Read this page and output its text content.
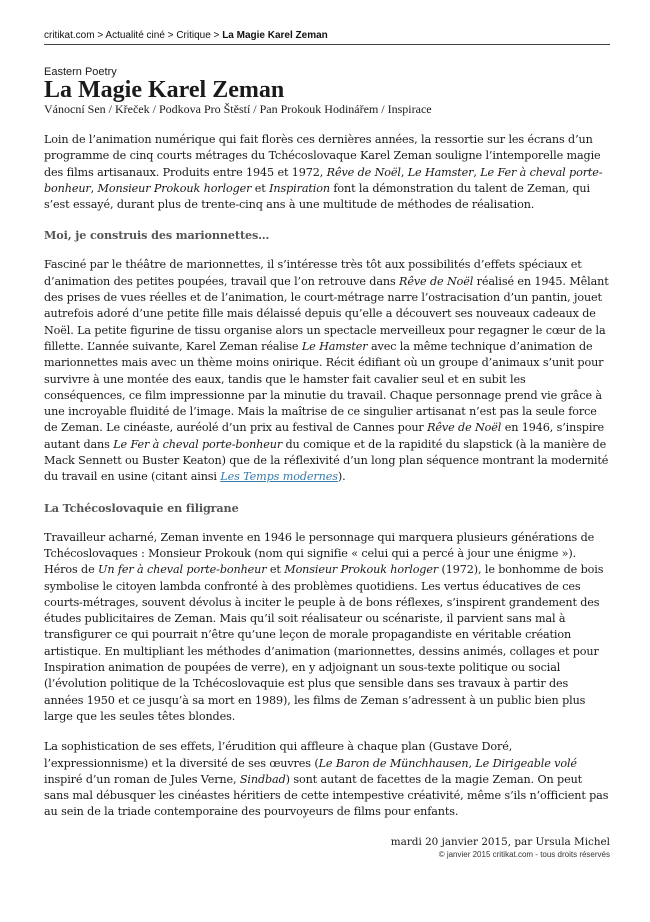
critikat.com > Actualité ciné > Critique > La Magie Karel Zeman
Eastern Poetry
La Magie Karel Zeman
Vánocní Sen / Křeček / Podkova Pro Štěstí / Pan Prokouk Hodinářem / Inspirace

Loin de l’animation numérique qui fait florès ces dernières années, la ressortie sur les écrans d’un programme de cinq courts métrages du Tchécoslovaque Karel Zeman souligne l’intemporelle magie des films artisanaux. Produits entre 1945 et 1972, Rêve de Noël, Le Hamster, Le Fer à cheval porte-bonheur, Monsieur Prokouk horloger et Inspiration font la démonstration du talent de Zeman, qui s’est essayé, durant plus de trente-cinq ans à une multitude de méthodes de réalisation.

Moi, je construis des marionnettes…

Fasciné par le théâtre de marionnettes, il s’intéresse très tôt aux possibilités d’effets spéciaux et d’animation des petites poupées, travail que l’on retrouve dans Rêve de Noël réalisé en 1945. Mêlant des prises de vues réelles et de l’animation, le court-métrage narre l’ostracisation d’un pantin, jouet autrefois adoré d’une petite fille mais délaissé depuis qu’elle a découvert ses nouveaux cadeaux de Noël. La petite figurine de tissu organise alors un spectacle merveilleux pour regagner le cœur de la fillette. L’année suivante, Karel Zeman réalise Le Hamster avec la même technique d’animation de marionnettes mais avec un thème moins onirique. Récit édifiant où un groupe d’animaux s’unit pour survivre à une montée des eaux, tandis que le hamster fait cavalier seul et en subit les conséquences, ce film impressionne par la minutie du travail. Chaque personnage prend vie grâce à une incroyable fluidité de l’image. Mais la maîtrise de ce singulier artisanat n’est pas la seule force de Zeman. Le cinéaste, auréolé d’un prix au festival de Cannes pour Rêve de Noël en 1946, s’inspire autant dans Le Fer à cheval porte-bonheur du comique et de la rapidité du slapstick (à la manière de Mack Sennett ou Buster Keaton) que de la réflexivité d’un long plan séquence montrant la modernité du travail en usine (citant ainsi Les Temps modernes).

La Tchécoslovaquie en filigrane

Travailleur acharné, Zeman invente en 1946 le personnage qui marquera plusieurs générations de Tchécoslovaques : Monsieur Prokouk (nom qui signifie « celui qui a percé à jour une énigme »). Héros de Un fer à cheval porte-bonheur et Monsieur Prokouk horloger (1972), le bonhomme de bois symbolise le citoyen lambda confronté à des problèmes quotidiens. Les vertus éducatives de ces courts-métrages, souvent dévolus à inciter le peuple à de bons réflexes, s’inspirent grandement des études publicitaires de Zeman. Mais qu’il soit réalisateur ou scénariste, il parvient sans mal à transfigurer ce qui pourrait n’être qu’une leçon de morale propagandiste en véritable création artistique. En multipliant les méthodes d’animation (marionnettes, dessins animés, collages et pour Inspiration animation de poupées de verre), en y adjoignant un sous-texte politique ou social (l’évolution politique de la Tchécoslovaquie est plus que sensible dans ses travaux à partir des années 1950 et ce jusqu’à sa mort en 1989), les films de Zeman s’adressent à un public bien plus large que les seules têtes blondes.

La sophistication de ses effets, l’érudition qui affleure à chaque plan (Gustave Doré, l’expressionnisme) et la diversité de ses œuvres (Le Baron de Münchhausen, Le Dirigeable volé inspiré d’un roman de Jules Verne, Sindbad) sont autant de facettes de la magie Zeman. On peut sans mal débusquer les cinéastes héritiers de cette intempestive créativité, même s’ils n’officient pas au sein de la triade contemporaine des pourvoyeurs de films pour enfants.

mardi 20 janvier 2015, par Ursula Michel
© janvier 2015 critikat.com - tous droits réservés
